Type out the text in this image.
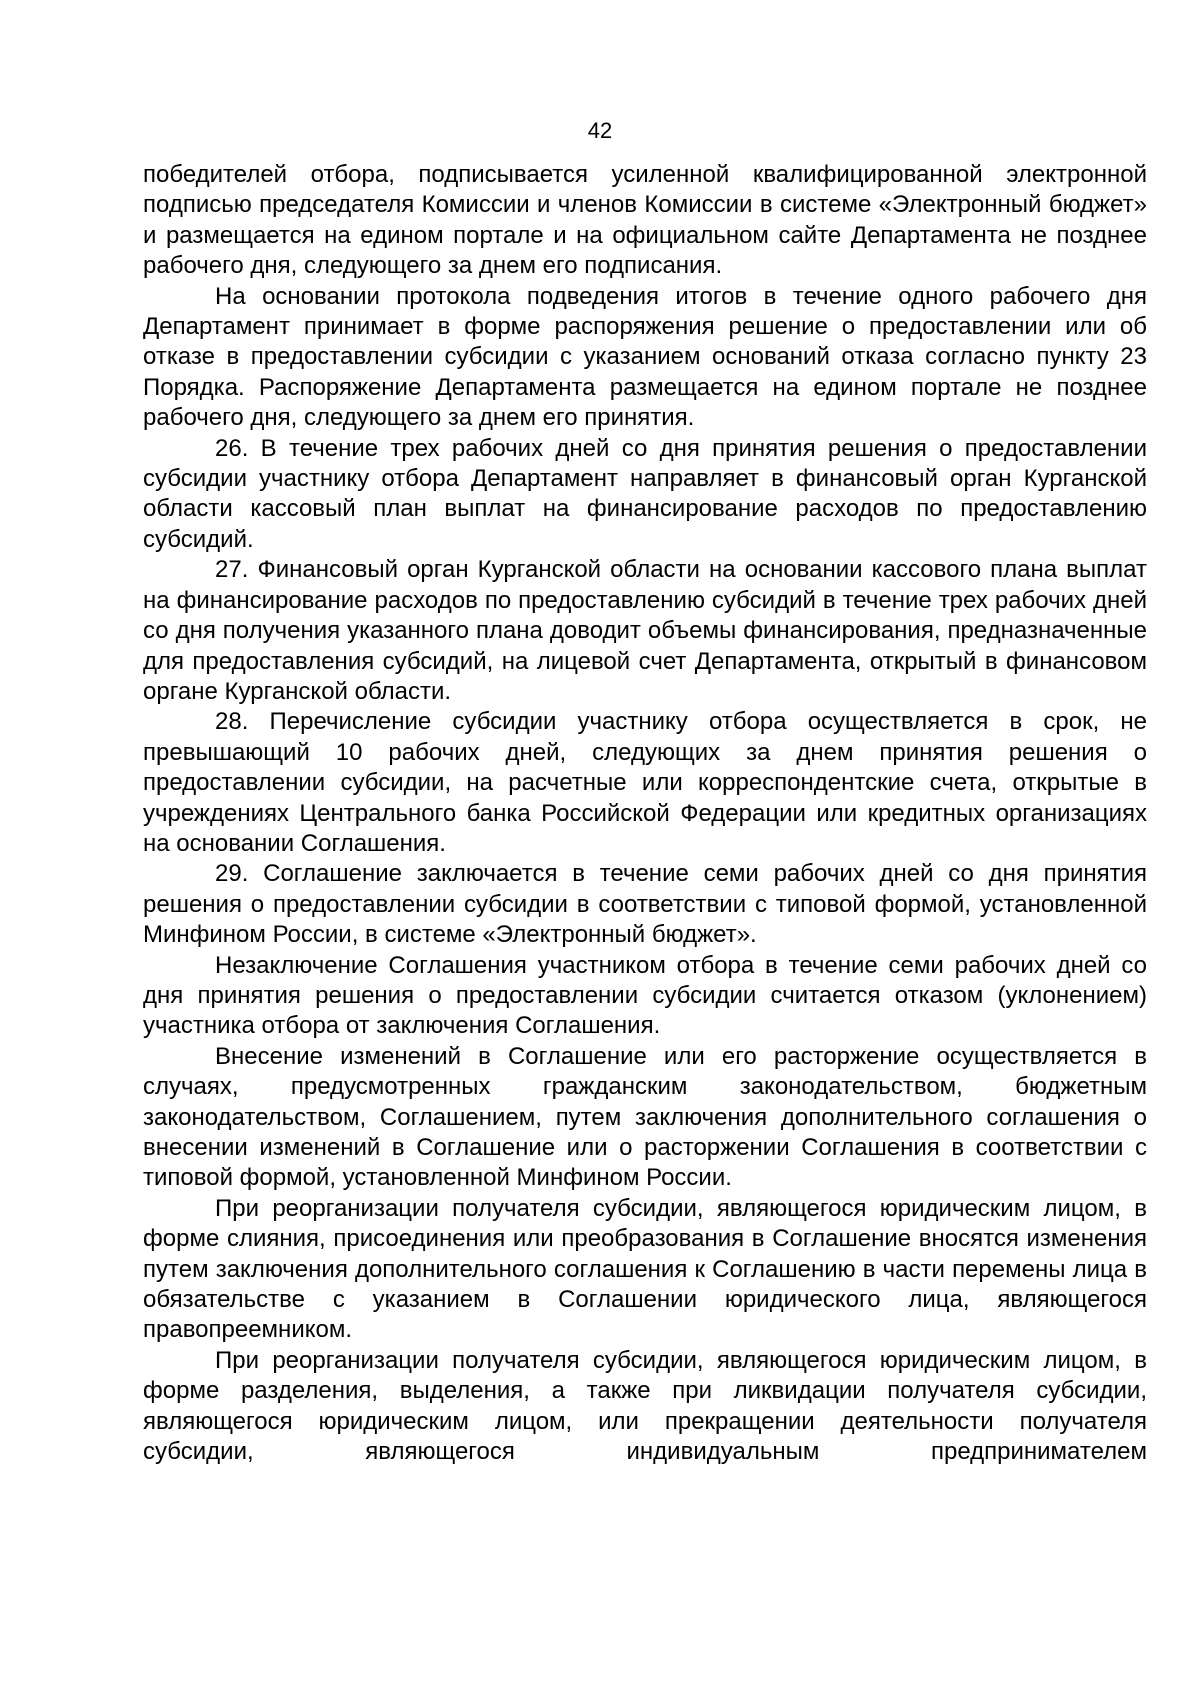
42

победителей отбора, подписывается усиленной квалифицированной электронной подписью председателя Комиссии и членов Комиссии в системе «Электронный бюджет» и размещается на едином портале и на официальном сайте Департамента не позднее рабочего дня, следующего за днем его подписания.

На основании протокола подведения итогов в течение одного рабочего дня Департамент принимает в форме распоряжения решение о предоставлении или об отказе в предоставлении субсидии с указанием оснований отказа согласно пункту 23 Порядка. Распоряжение Департамента размещается на едином портале не позднее рабочего дня, следующего за днем его принятия.

26. В течение трех рабочих дней со дня принятия решения о предоставлении субсидии участнику отбора Департамент направляет в финансовый орган Курганской области кассовый план выплат на финансирование расходов по предоставлению субсидий.

27. Финансовый орган Курганской области на основании кассового плана выплат на финансирование расходов по предоставлению субсидий в течение трех рабочих дней со дня получения указанного плана доводит объемы финансирования, предназначенные для предоставления субсидий, на лицевой счет Департамента, открытый в финансовом органе Курганской области.

28. Перечисление субсидии участнику отбора осуществляется в срок, не превышающий 10 рабочих дней, следующих за днем принятия решения о предоставлении субсидии, на расчетные или корреспондентские счета, открытые в учреждениях Центрального банка Российской Федерации или кредитных организациях на основании Соглашения.

29. Соглашение заключается в течение семи рабочих дней со дня принятия решения о предоставлении субсидии в соответствии с типовой формой, установленной Минфином России, в системе «Электронный бюджет».

Незаключение Соглашения участником отбора в течение семи рабочих дней со дня принятия решения о предоставлении субсидии считается отказом (уклонением) участника отбора от заключения Соглашения.

Внесение изменений в Соглашение или его расторжение осуществляется в случаях, предусмотренных гражданским законодательством, бюджетным законодательством, Соглашением, путем заключения дополнительного соглашения о внесении изменений в Соглашение или о расторжении Соглашения в соответствии с типовой формой, установленной Минфином России.

При реорганизации получателя субсидии, являющегося юридическим лицом, в форме слияния, присоединения или преобразования в Соглашение вносятся изменения путем заключения дополнительного соглашения к Соглашению в части перемены лица в обязательстве с указанием в Соглашении юридического лица, являющегося правопреемником.

При реорганизации получателя субсидии, являющегося юридическим лицом, в форме разделения, выделения, а также при ликвидации получателя субсидии, являющегося юридическим лицом, или прекращении деятельности получателя субсидии, являющегося индивидуальным предпринимателем
